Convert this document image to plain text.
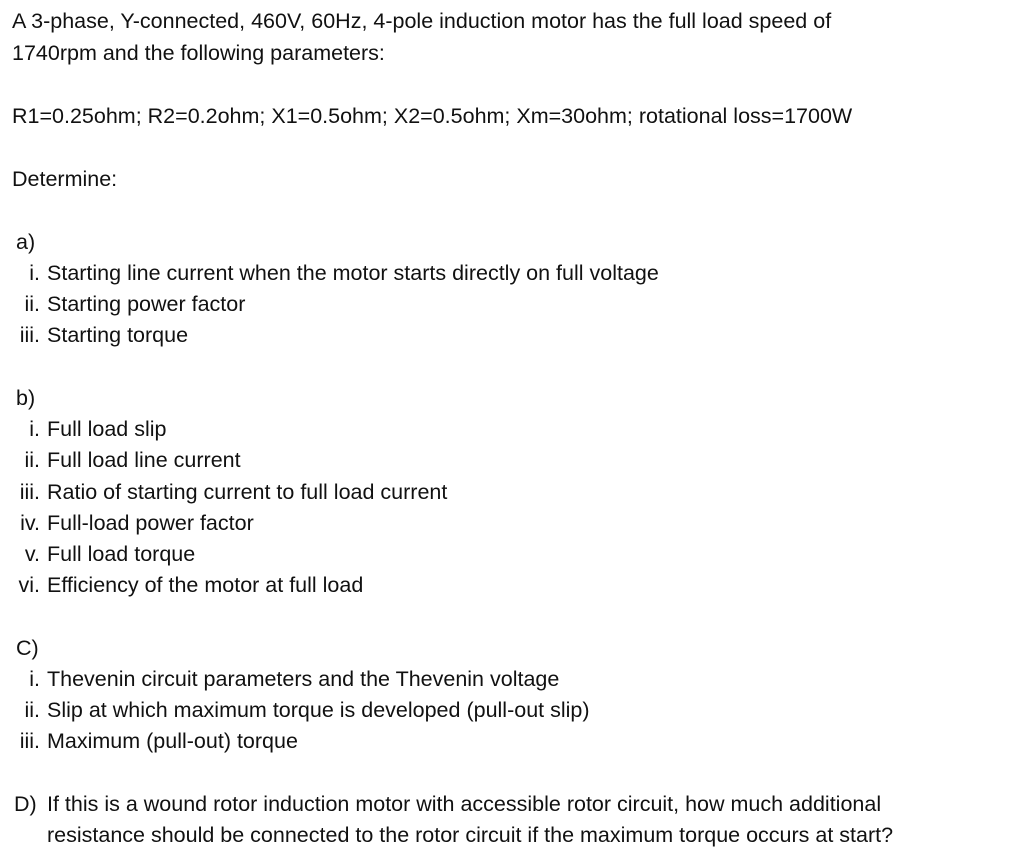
A 3-phase, Y-connected, 460V, 60Hz, 4-pole induction motor has the full load speed of
1740rpm and the following parameters:
R1=0.25ohm; R2=0.2ohm; X1=0.5ohm; X2=0.5ohm; Xm=30ohm; rotational loss=1700W
Determine:
a)
i. Starting line current when the motor starts directly on full voltage
ii. Starting power factor
iii. Starting torque
b)
i. Full load slip
ii. Full load line current
iii. Ratio of starting current to full load current
iv. Full-load power factor
v. Full load torque
vi. Efficiency of the motor at full load
C)
i. Thevenin circuit parameters and the Thevenin voltage
ii. Slip at which maximum torque is developed (pull-out slip)
iii. Maximum (pull-out) torque
D) If this is a wound rotor induction motor with accessible rotor circuit, how much additional
resistance should be connected to the rotor circuit if the maximum torque occurs at start?
